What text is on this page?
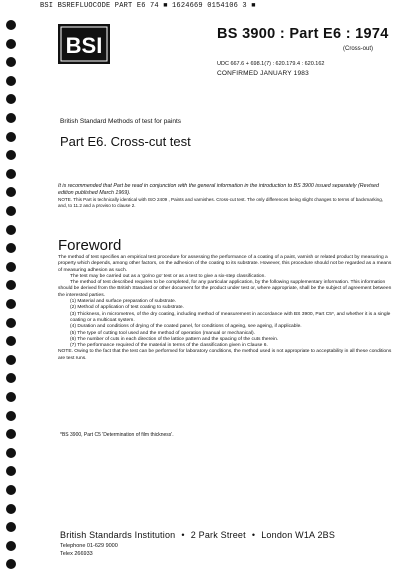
BSI BSREFLUOCODE PART E6 74 ■ 1624669 0154106 3 ■
BSI	BS 3900 : Part E6 : 1974
(Cross-out)
UDC 667.6 + 698.1(7) : 620.179.4 : 620.162
CONFIRMED JANUARY 1983
British Standard Methods of test for paints
Part E6. Cross-cut test
It is recommended that Part be read in conjunction with the general information in the introduction to BS 3900 issued separately (Revised edition published March 1969).
NOTE. This Part is technically identical with ISO 2409 , Paints and varnishes. Cross-cut test. The only differences being slight changes to terms of backmarking, and, to 11.2 and a proviso to clause 2.
Foreword

The method of test specifies an empirical test procedure for assessing the performance of a coating of a paint, varnish or related product by measuring a property which depends, among other factors, on the adhesion of the coating to its substrate. However, this procedure should not be regarded as a means of measuring adhesion as such.

The test may be carried out as a 'go/no go' test or as a test to give a six-step classification.

The method of test described requires to be completed, for any particular application, by the following supplementary information. This information should be derived from the British Standard or other document for the product under test or, where appropriate, shall be the subject of agreement between the interested parties.

(1) Material and surface preparation of substrate.

(2) Method of application of test coating to substrate.

(3) Thickness, in micrometres, of the dry coating, including method of measurement in accordance with BS 3900, Part C5*, and whether it is a single coating or a multicoat system.

(4) Duration and conditions of drying of the coated panel, for conditions of ageing, see ageing, if applicable.

(5) The type of cutting tool used and the method of operation (manual or mechanical).

(6) The number of cuts in each direction of the lattice pattern and the spacing of the cuts therein.

(7) The performance required of the material in terms of the classification given in Clause 6.

NOTE. Owing to the fact that the test can be performed for laboratory conditions, the method used is not appropriate to acceptability in all these conditions are test runs.

*BS 3900, Part C5 'Determination of film thickness'.
British Standards Institution • 2 Park Street • London W1A 2BS
Telephone 01-629 9000
Telex 266933
